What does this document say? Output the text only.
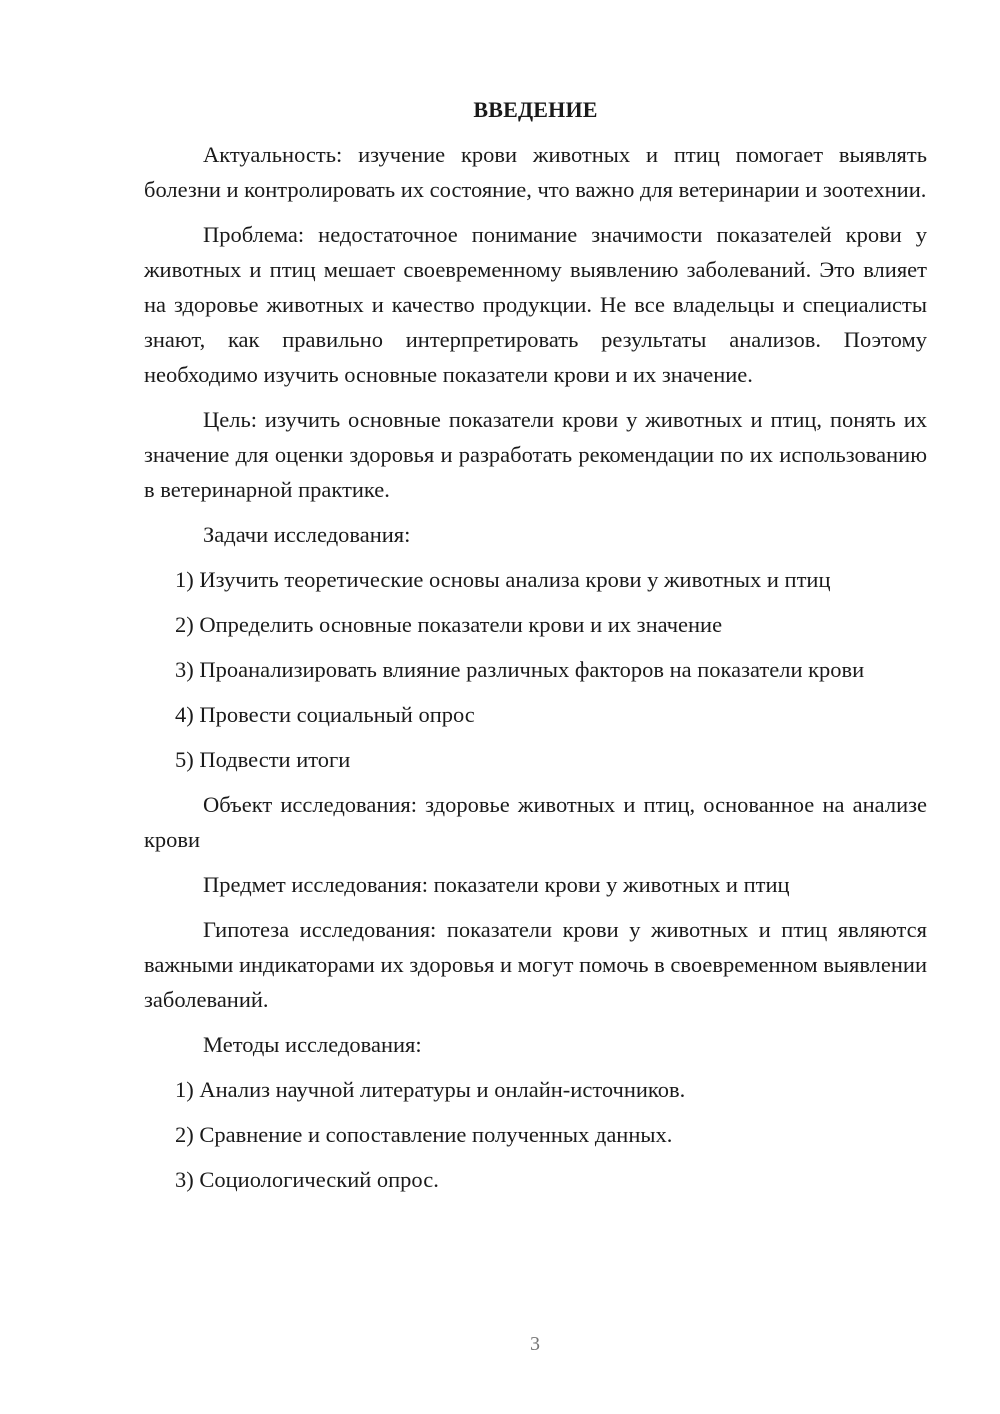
ВВЕДЕНИЕ

Актуальность: изучение крови животных и птиц помогает выявлять болезни и контролировать их состояние, что важно для ветеринарии и зоотехнии.

Проблема: недостаточное понимание значимости показателей крови у животных и птиц мешает своевременному выявлению заболеваний. Это влияет на здоровье животных и качество продукции. Не все владельцы и специалисты знают, как правильно интерпретировать результаты анализов. Поэтому необходимо изучить основные показатели крови и их значение.

Цель: изучить основные показатели крови у животных и птиц, понять их значение для оценки здоровья и разработать рекомендации по их использованию в ветеринарной практике.

Задачи исследования:

1) Изучить теоретические основы анализа крови у животных и птиц
2) Определить основные показатели крови и их значение
3) Проанализировать влияние различных факторов на показатели крови
4) Провести социальный опрос
5) Подвести итоги

Объект исследования: здоровье животных и птиц, основанное на анализе крови

Предмет исследования: показатели крови у животных и птиц

Гипотеза исследования: показатели крови у животных и птиц являются важными индикаторами их здоровья и могут помочь в своевременном выявлении заболеваний.

Методы исследования:

1) Анализ научной литературы и онлайн-источников.
2) Сравнение и сопоставление полученных данных.
3) Социологический опрос.
3
